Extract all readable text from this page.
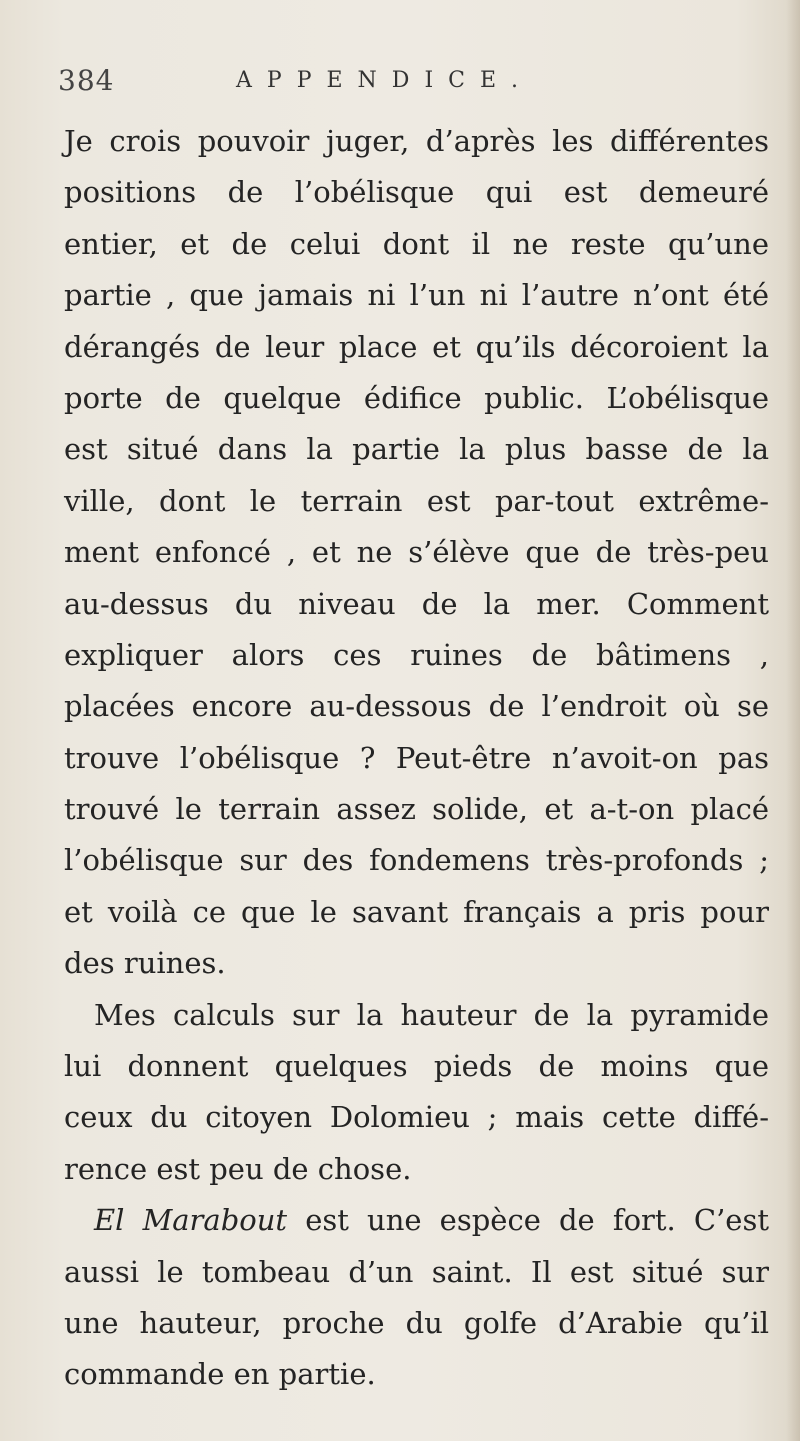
384	APPENDICE.
Je crois pouvoir juger, d’après les différentes
positions de l’obélisque qui est demeuré
entier, et de celui dont il ne reste qu’une
partie , que jamais ni l’un ni l’autre n’ont été
dérangés de leur place et qu’ils décoroient la
porte de quelque édifice public. L’obélisque
est situé dans la partie la plus basse de la
ville, dont le terrain est par-tout extrême-
ment enfoncé , et ne s’élève que de très-peu
au-dessus du niveau de la mer. Comment
expliquer alors ces ruines de bâtimens ,
placées encore au-dessous de l’endroit où se
trouve l’obélisque ? Peut-être n’avoit-on pas
trouvé le terrain assez solide, et a-t-on placé
l’obélisque sur des fondemens très-profonds ;
et voilà ce que le savant français a pris pour
des ruines.
Mes calculs sur la hauteur de la pyramide
lui donnent quelques pieds de moins que
ceux du citoyen Dolomieu ; mais cette diffé-
rence est peu de chose.
El Marabout est une espèce de fort. C’est
aussi le tombeau d’un saint. Il est situé sur
une hauteur, proche du golfe d’Arabie qu’il
commande en partie.
